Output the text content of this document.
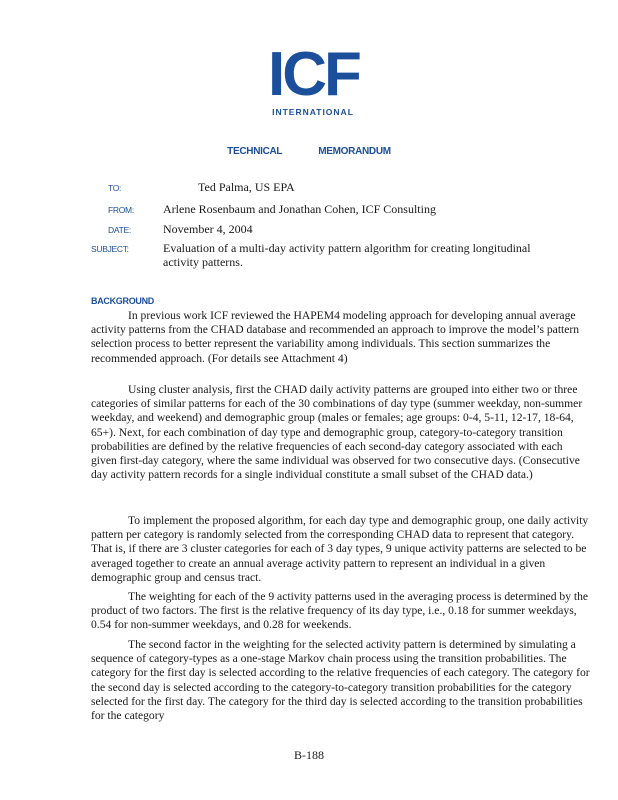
ICF
INTERNATIONAL
TECHNICAL	MEMORANDUM
TO:	Ted Palma, US EPA
FROM: Arlene Rosenbaum and Jonathan Cohen, ICF Consulting
DATE:	November 4, 2004
SUBJECT:	Evaluation of a multi-day activity pattern algorithm for creating longitudinal activity patterns.
BACKGROUND

In previous work ICF reviewed the HAPEM4 modeling approach for developing annual average activity patterns from the CHAD database and recommended an approach to improve the model’s pattern selection process to better represent the variability among individuals. This section summarizes the recommended approach. (For details see Attachment 4)

Using cluster analysis, first the CHAD daily activity patterns are grouped into either two or three categories of similar patterns for each of the 30 combinations of day type (summer weekday, non-summer weekday, and weekend) and demographic group (males or females; age groups: 0-4, 5-11, 12-17, 18-64, 65+). Next, for each combination of day type and demographic group, category-to-category transition probabilities are defined by the relative frequencies of each second-day category associated with each given first-day category, where the same individual was observed for two consecutive days. (Consecutive day activity pattern records for a single individual constitute a small subset of the CHAD data.)

To implement the proposed algorithm, for each day type and demographic group, one daily activity pattern per category is randomly selected from the corresponding CHAD data to represent that category. That is, if there are 3 cluster categories for each of 3 day types, 9 unique activity patterns are selected to be averaged together to create an annual average activity pattern to represent an individual in a given demographic group and census tract.

The weighting for each of the 9 activity patterns used in the averaging process is determined by the product of two factors. The first is the relative frequency of its day type, i.e., 0.18 for summer weekdays, 0.54 for non-summer weekdays, and 0.28 for weekends.

The second factor in the weighting for the selected activity pattern is determined by simulating a sequence of category-types as a one-stage Markov chain process using the transition probabilities. The category for the first day is selected according to the relative frequencies of each category. The category for the second day is selected according to the category-to-category transition probabilities for the category selected for the first day. The category for the third day is selected according to the transition probabilities for the category

B-188
